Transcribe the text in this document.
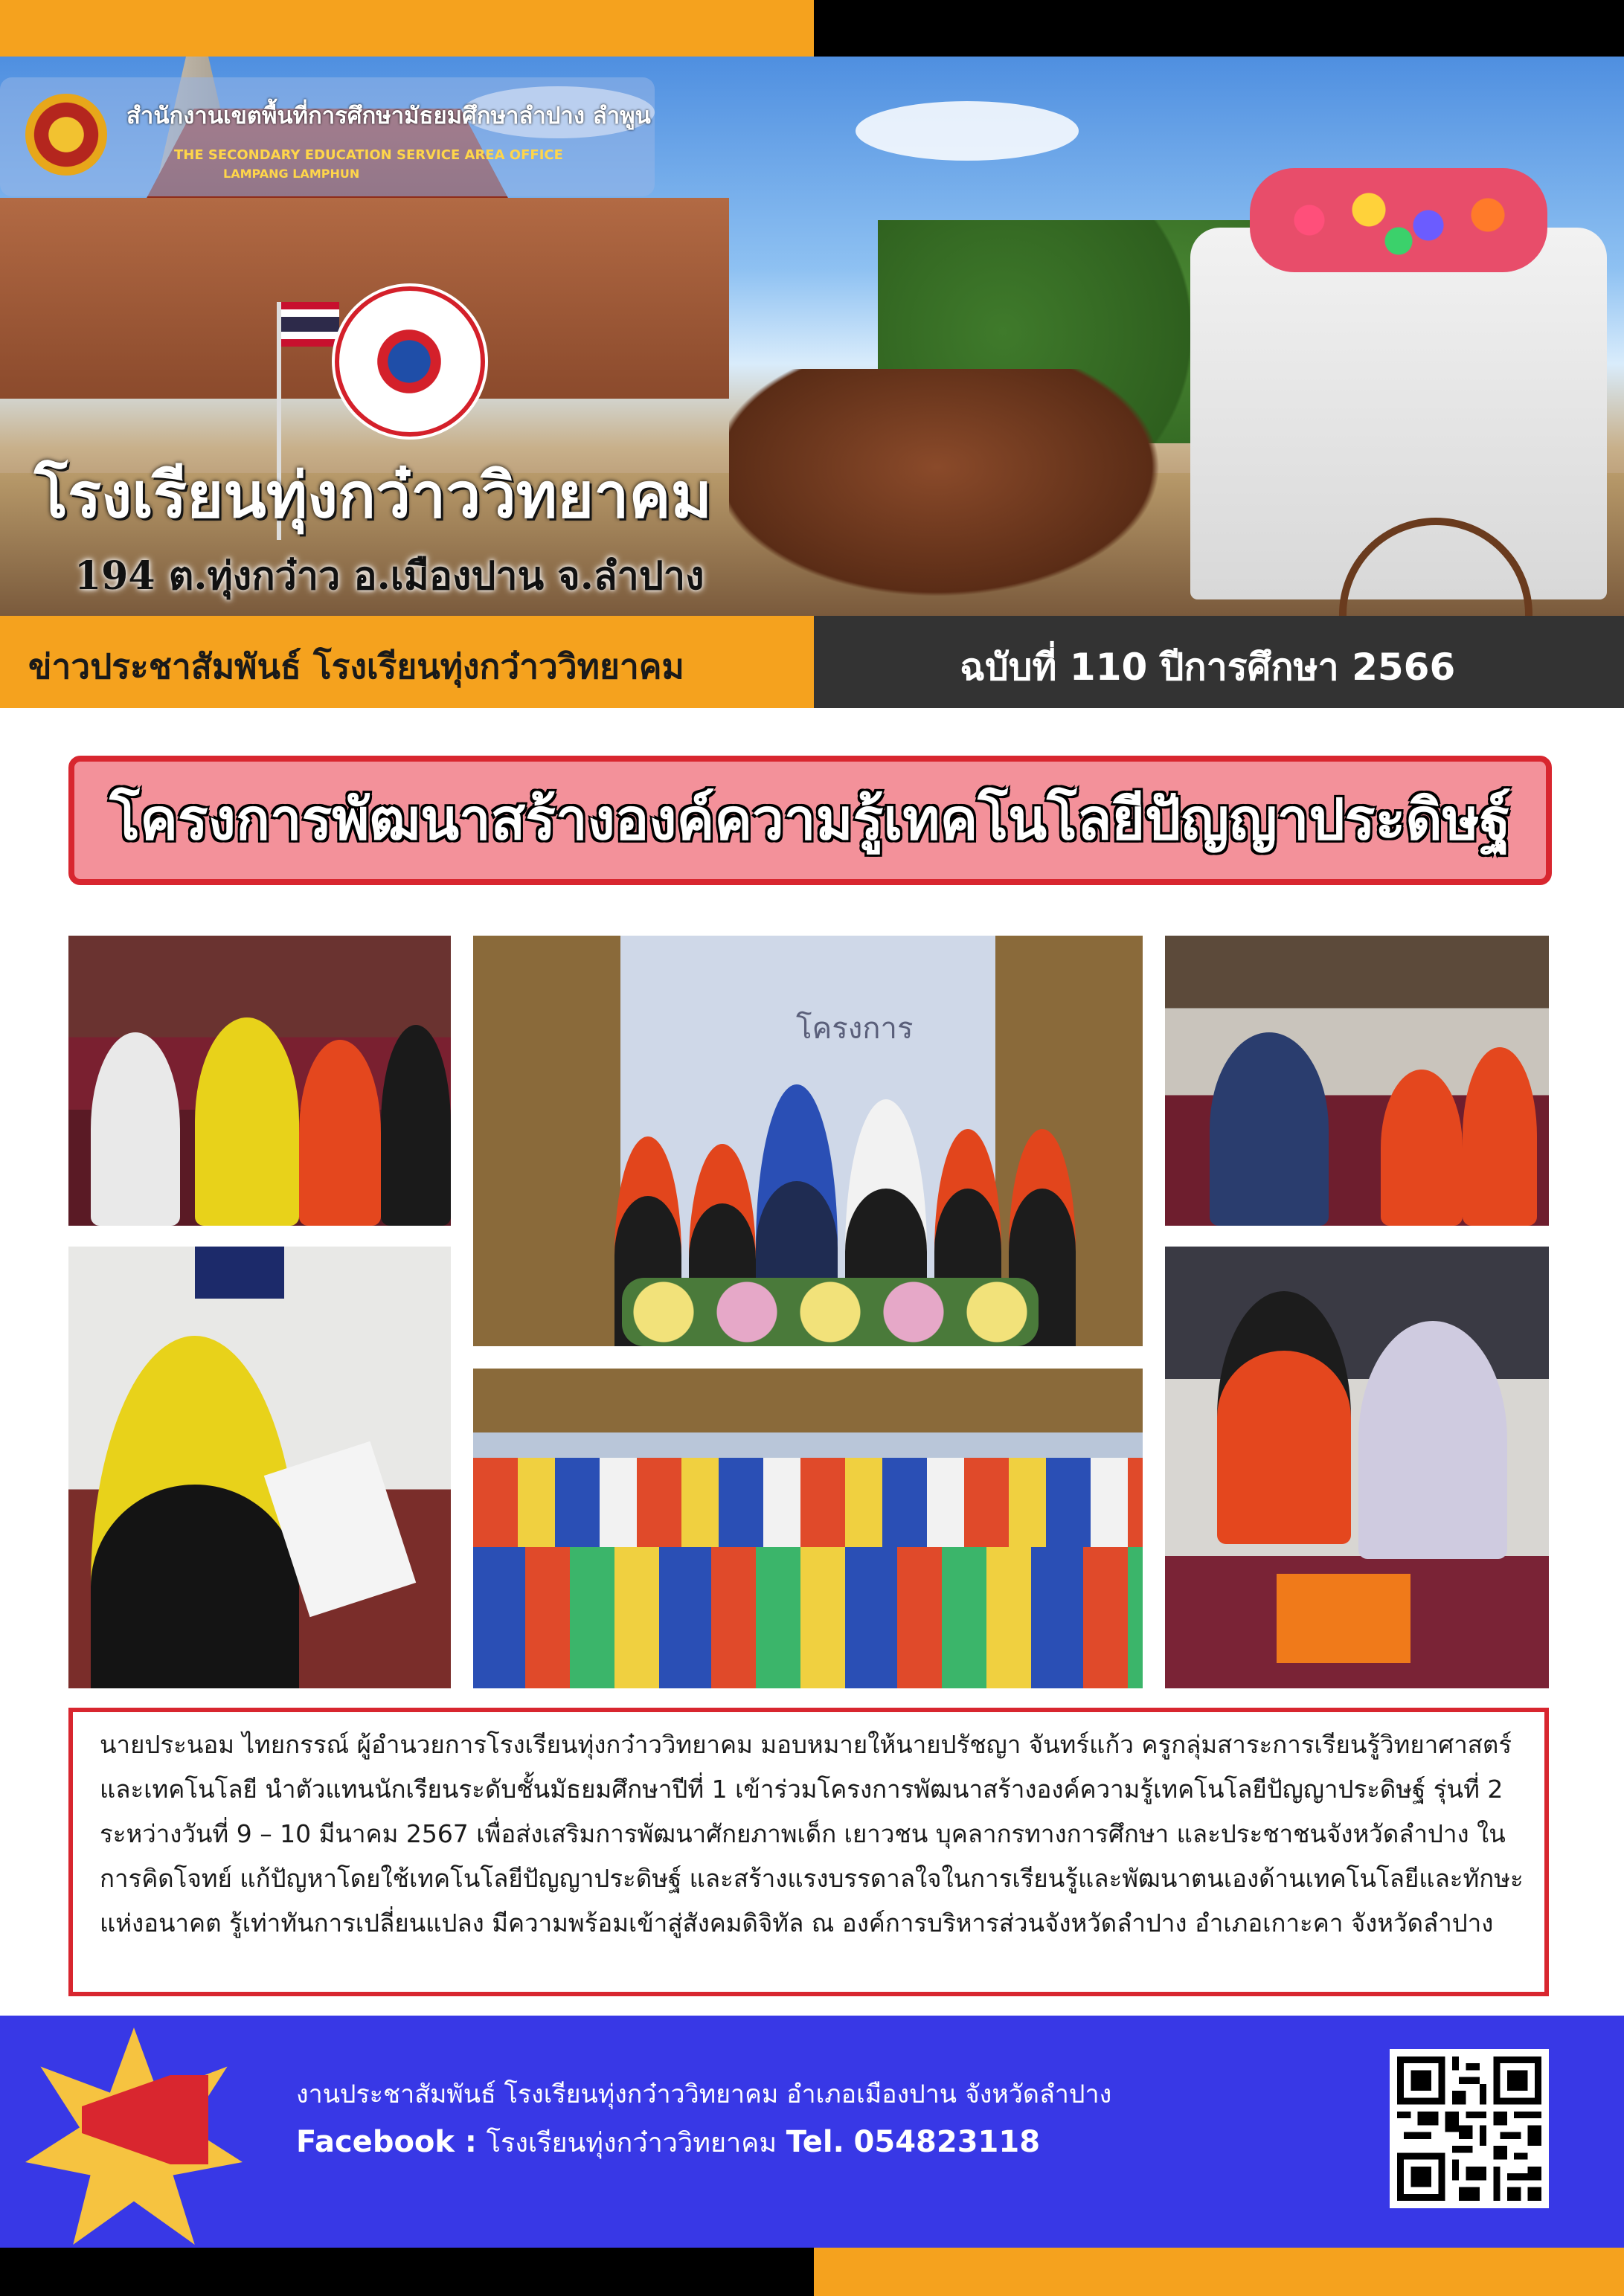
สำนักงานเขตพื้นที่การศึกษามัธยมศึกษาลำปาง ลำพูน
THE SECONDARY EDUCATION SERVICE AREA OFFICE
LAMPANG LAMPHUN
โรงเรียนทุ่งกว๋าววิทยาคม
194 ต.ทุ่งกว๋าว อ.เมืองปาน จ.ลำปาง
ข่าวประชาสัมพันธ์ โรงเรียนทุ่งกว๋าววิทยาคม	ฉบับที่ 110 ปีการศึกษา 2566
โครงการพัฒนาสร้างองค์ความรู้เทคโนโลยีปัญญาประดิษฐ์
โครงการ
นายประนอม ไทยกรรณ์ ผู้อำนวยการโรงเรียนทุ่งกว๋าววิทยาคม มอบหมายให้นายปรัชญา จันทร์แก้ว ครูกลุ่มสาระการเรียนรู้วิทยาศาสตร์และเทคโนโลยี นำตัวแทนนักเรียนระดับชั้นมัธยมศึกษาปีที่ 1 เข้าร่วมโครงการพัฒนาสร้างองค์ความรู้เทคโนโลยีปัญญาประดิษฐ์ รุ่นที่ 2 ระหว่างวันที่ 9 – 10 มีนาคม 2567 เพื่อส่งเสริมการพัฒนาศักยภาพเด็ก เยาวชน บุคลากรทางการศึกษา และประชาชนจังหวัดลำปาง ในการคิดโจทย์ แก้ปัญหาโดยใช้เทคโนโลยีปัญญาประดิษฐ์ และสร้างแรงบรรดาลใจในการเรียนรู้และพัฒนาตนเองด้านเทคโนโลยีและทักษะแห่งอนาคต รู้เท่าทันการเปลี่ยนแปลง มีความพร้อมเข้าสู่สังคมดิจิทัล ณ องค์การบริหารส่วนจังหวัดลำปาง อำเภอเกาะคา จังหวัดลำปาง
งานประชาสัมพันธ์ โรงเรียนทุ่งกว๋าววิทยาคม อำเภอเมืองปาน จังหวัดลำปาง
Facebook : โรงเรียนทุ่งกว๋าววิทยาคม Tel. 054823118
